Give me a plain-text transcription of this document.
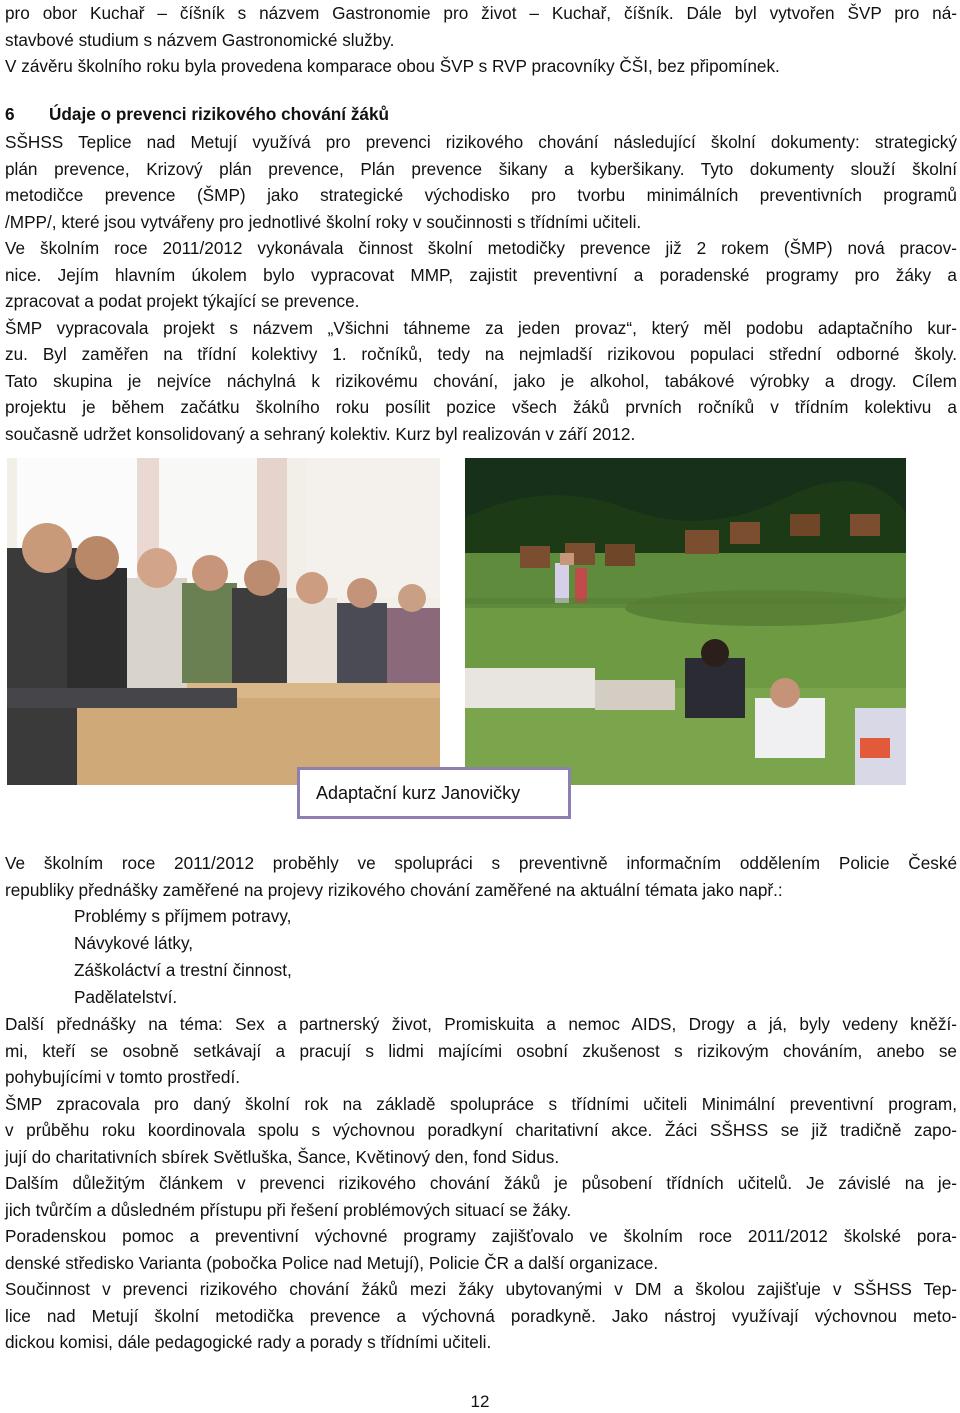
pro obor Kuchař – číšník s názvem Gastronomie pro život – Kuchař, číšník. Dále byl vytvořen ŠVP pro ná-
stavbové studium s názvem Gastronomické služby.
V závěru školního roku byla provedena komparace obou ŠVP s RVP pracovníky ČŠI, bez připomínek.
6 Údaje o prevenci rizikového chování žáků
SŠHSS Teplice nad Metují využívá pro prevenci rizikového chování následující školní dokumenty: strategický
plán prevence, Krizový plán prevence, Plán prevence šikany a kyberšikany. Tyto dokumenty slouží školní
metodičce prevence (ŠMP) jako strategické východisko pro tvorbu minimálních preventivních programů
/MPP/, které jsou vytvářeny pro jednotlivé školní roky v součinnosti s třídními učiteli.
Ve školním roce 2011/2012 vykonávala činnost školní metodičky prevence již 2 rokem (ŠMP) nová pracov-
nice. Jejím hlavním úkolem bylo vypracovat MMP, zajistit preventivní a poradenské programy pro žáky a
zpracovat a podat projekt týkající se prevence.
ŠMP vypracovala projekt s názvem „Všichni táhneme za jeden provaz“, který měl podobu adaptačního kur-
zu. Byl zaměřen na třídní kolektivy 1. ročníků, tedy na nejmladší rizikovou populaci střední odborné školy.
Tato skupina je nejvíce náchylná k rizikovému chování, jako je alkohol, tabákové výrobky a drogy. Cílem
projektu je během začátku školního roku posílit pozice všech žáků prvních ročníků v třídním kolektivu a
současně udržet konsolidovaný a sehraný kolektiv. Kurz byl realizován v září 2012.
Adaptační kurz Janovičky
Ve školním roce 2011/2012 proběhly ve spolupráci s preventivně informačním oddělením Policie České
republiky přednášky zaměřené na projevy rizikového chování zaměřené na aktuální témata jako např.:
Problémy s příjmem potravy,
Návykové látky,
Záškoláctví a trestní činnost,
Padělatelství.
Další přednášky na téma: Sex a partnerský život, Promiskuita a nemoc AIDS, Drogy a já, byly vedeny kněží-
mi, kteří se osobně setkávají a pracují s lidmi majícími osobní zkušenost s rizikovým chováním, anebo se
pohybujícími v tomto prostředí.
ŠMP zpracovala pro daný školní rok na základě spolupráce s třídními učiteli Minimální preventivní program,
v průběhu roku koordinovala spolu s výchovnou poradkyní charitativní akce. Žáci SŠHSS se již tradičně zapo-
jují do charitativních sbírek Světluška, Šance, Květinový den, fond Sidus.
Dalším důležitým článkem v prevenci rizikového chování žáků je působení třídních učitelů. Je závislé na je-
jich tvůrčím a důsledném přístupu při řešení problémových situací se žáky.
Poradenskou pomoc a preventivní výchovné programy zajišťovalo ve školním roce 2011/2012 školské pora-
denské středisko Varianta (pobočka Police nad Metují), Policie ČR a další organizace.
Součinnost v prevenci rizikového chování žáků mezi žáky ubytovanými v DM a školou zajišťuje v SŠHSS Tep-
lice nad Metují školní metodička prevence a výchovná poradkyně. Jako nástroj využívají výchovnou meto-
dickou komisi, dále pedagogické rady a porady s třídními učiteli.
12
